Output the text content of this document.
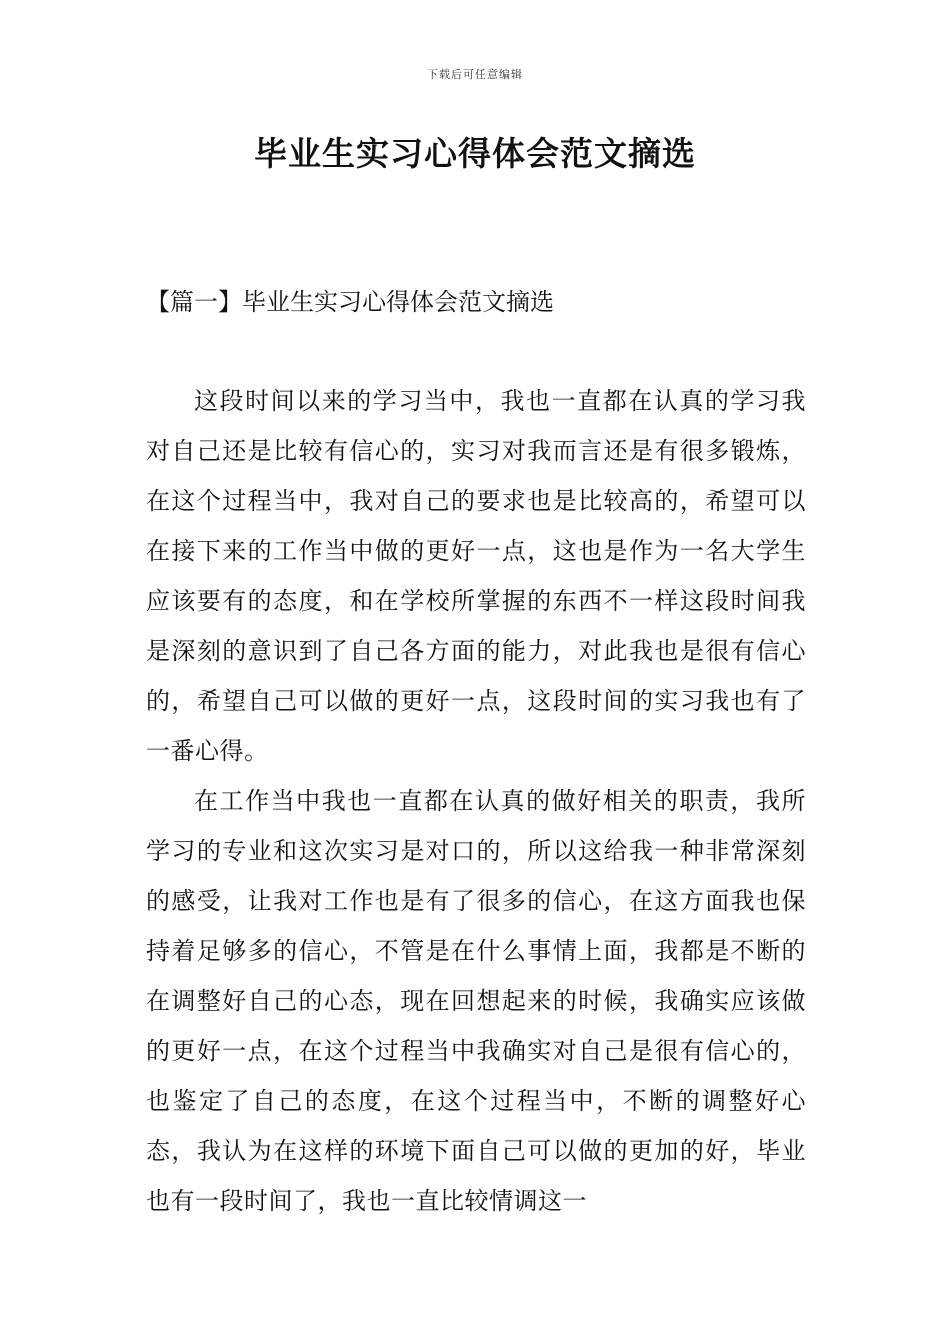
下载后可任意编辑
毕业生实习心得体会范文摘选
【篇一】毕业生实习心得体会范文摘选

这段时间以来的学习当中，我也一直都在认真的学习我对自己还是比较有信心的，实习对我而言还是有很多锻炼，在这个过程当中，我对自己的要求也是比较高的，希望可以在接下来的工作当中做的更好一点，这也是作为一名大学生应该要有的态度，和在学校所掌握的东西不一样这段时间我是深刻的意识到了自己各方面的能力，对此我也是很有信心的，希望自己可以做的更好一点，这段时间的实习我也有了一番心得。

在工作当中我也一直都在认真的做好相关的职责，我所学习的专业和这次实习是对口的，所以这给我一种非常深刻的感受，让我对工作也是有了很多的信心，在这方面我也保持着足够多的信心，不管是在什么事情上面，我都是不断的在调整好自己的心态，现在回想起来的时候，我确实应该做的更好一点，在这个过程当中我确实对自己是很有信心的，也鉴定了自己的态度，在这个过程当中，不断的调整好心态，我认为在这样的环境下面自己可以做的更加的好，毕业也有一段时间了，我也一直比较情调这一
